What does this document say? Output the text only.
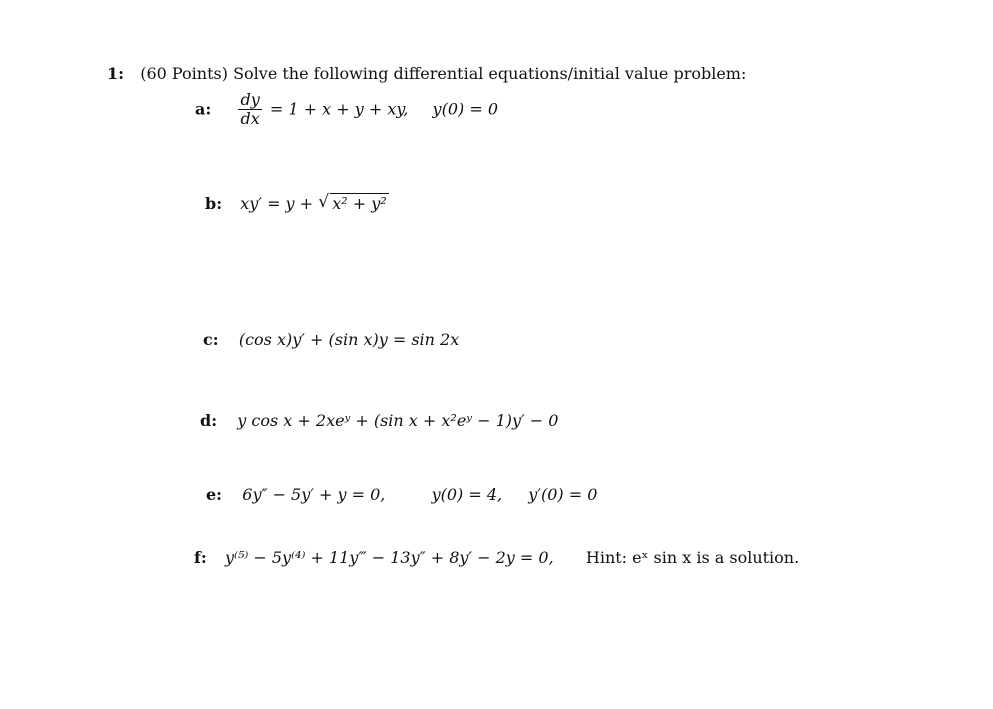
1: (60 Points) Solve the following differential equations/initial value problem:
a: $\frac{dy}{dx} = 1 + x + y$ + xy, y(0) = 0
b: xy′ = y + √ x² + y²
c: (cos x)y′ + (sin x)y = sin 2x
d: y cos x + 2xeʸ + (sin x + x²eʸ − 1)y′ − 0
e: 6y″ − 5y′ + y = 0,	y(0) = 4, y′(0) = 0
f: y⁽⁵⁾ − 5y⁽⁴⁾ + 11y‴ − 13y″ + 8y′ − 2y = 0, Hint: eˣ sin x is a solution.
